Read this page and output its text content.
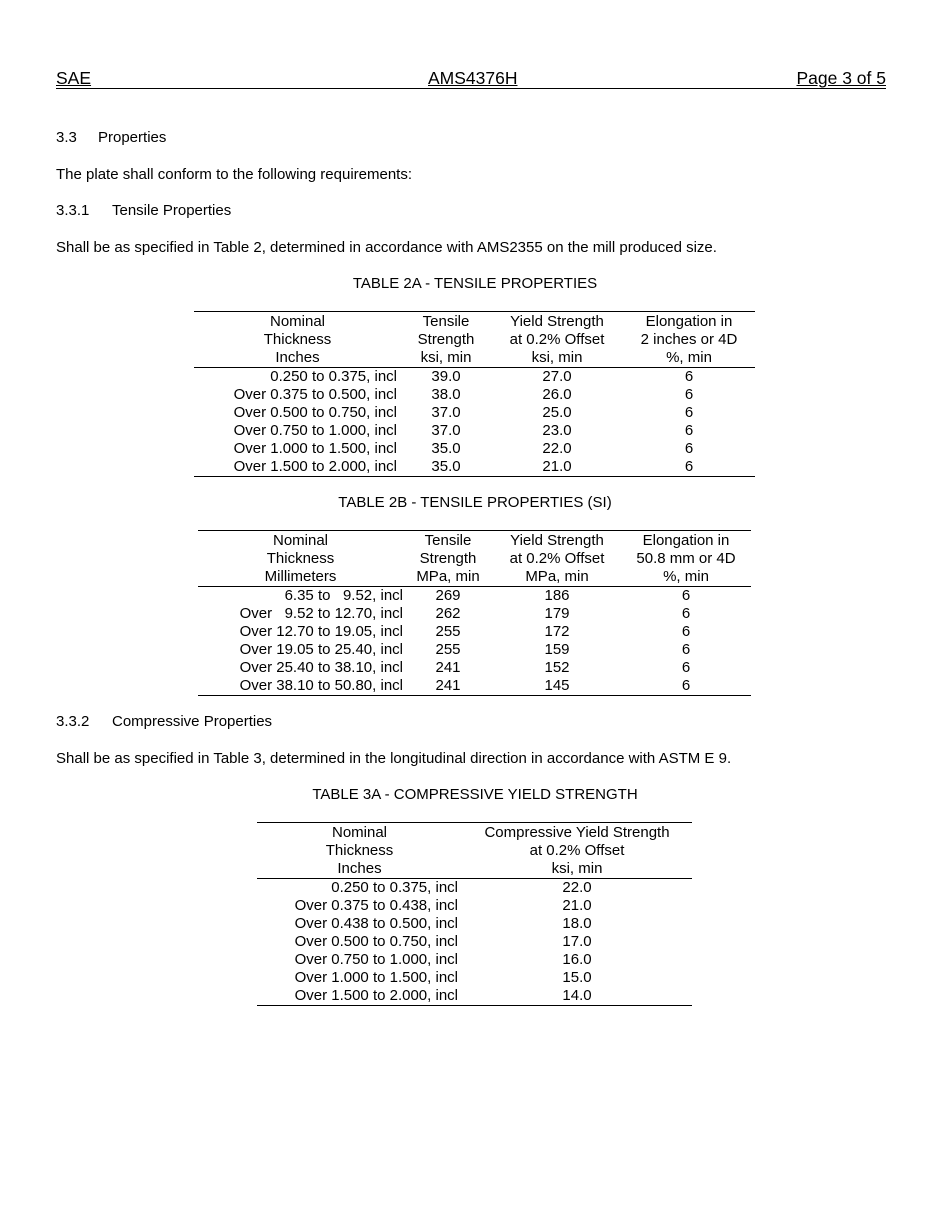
SAE	AMS4376H	Page 3 of 5
3.3 Properties
The plate shall conform to the following requirements:
3.3.1 Tensile Properties
Shall be as specified in Table 2, determined in accordance with AMS2355 on the mill produced size.
TABLE 2A - TENSILE PROPERTIES
Nominal	Tensile	Yield Strength	Elongation in
Thickness	Strength	at 0.2% Offset	2 inches or 4D
Inches	ksi, min	ksi, min	%, min
0.250 to 0.375, incl	39.0	27.0	6
Over 0.375 to 0.500, incl	38.0	26.0	6
Over 0.500 to 0.750, incl	37.0	25.0	6
Over 0.750 to 1.000, incl	37.0	23.0	6
Over 1.000 to 1.500, incl	35.0	22.0	6
Over 1.500 to 2.000, incl	35.0	21.0	6
TABLE 2B - TENSILE PROPERTIES (SI)
Nominal	Tensile	Yield Strength	Elongation in
Thickness	Strength	at 0.2% Offset	50.8 mm or 4D
Millimeters	MPa, min	MPa, min	%, min
6.35 to   9.52, incl	269	186	6
Over   9.52 to 12.70, incl	262	179	6
Over 12.70 to 19.05, incl	255	172	6
Over 19.05 to 25.40, incl	255	159	6
Over 25.40 to 38.10, incl	241	152	6
Over 38.10 to 50.80, incl	241	145	6
3.3.2 Compressive Properties
Shall be as specified in Table 3, determined in the longitudinal direction in accordance with ASTM E 9.
TABLE 3A - COMPRESSIVE YIELD STRENGTH
Nominal	Compressive Yield Strength
Thickness	at 0.2% Offset
Inches	ksi, min
0.250 to 0.375, incl	22.0
Over 0.375 to 0.438, incl	21.0
Over 0.438 to 0.500, incl	18.0
Over 0.500 to 0.750, incl	17.0
Over 0.750 to 1.000, incl	16.0
Over 1.000 to 1.500, incl	15.0
Over 1.500 to 2.000, incl	14.0
